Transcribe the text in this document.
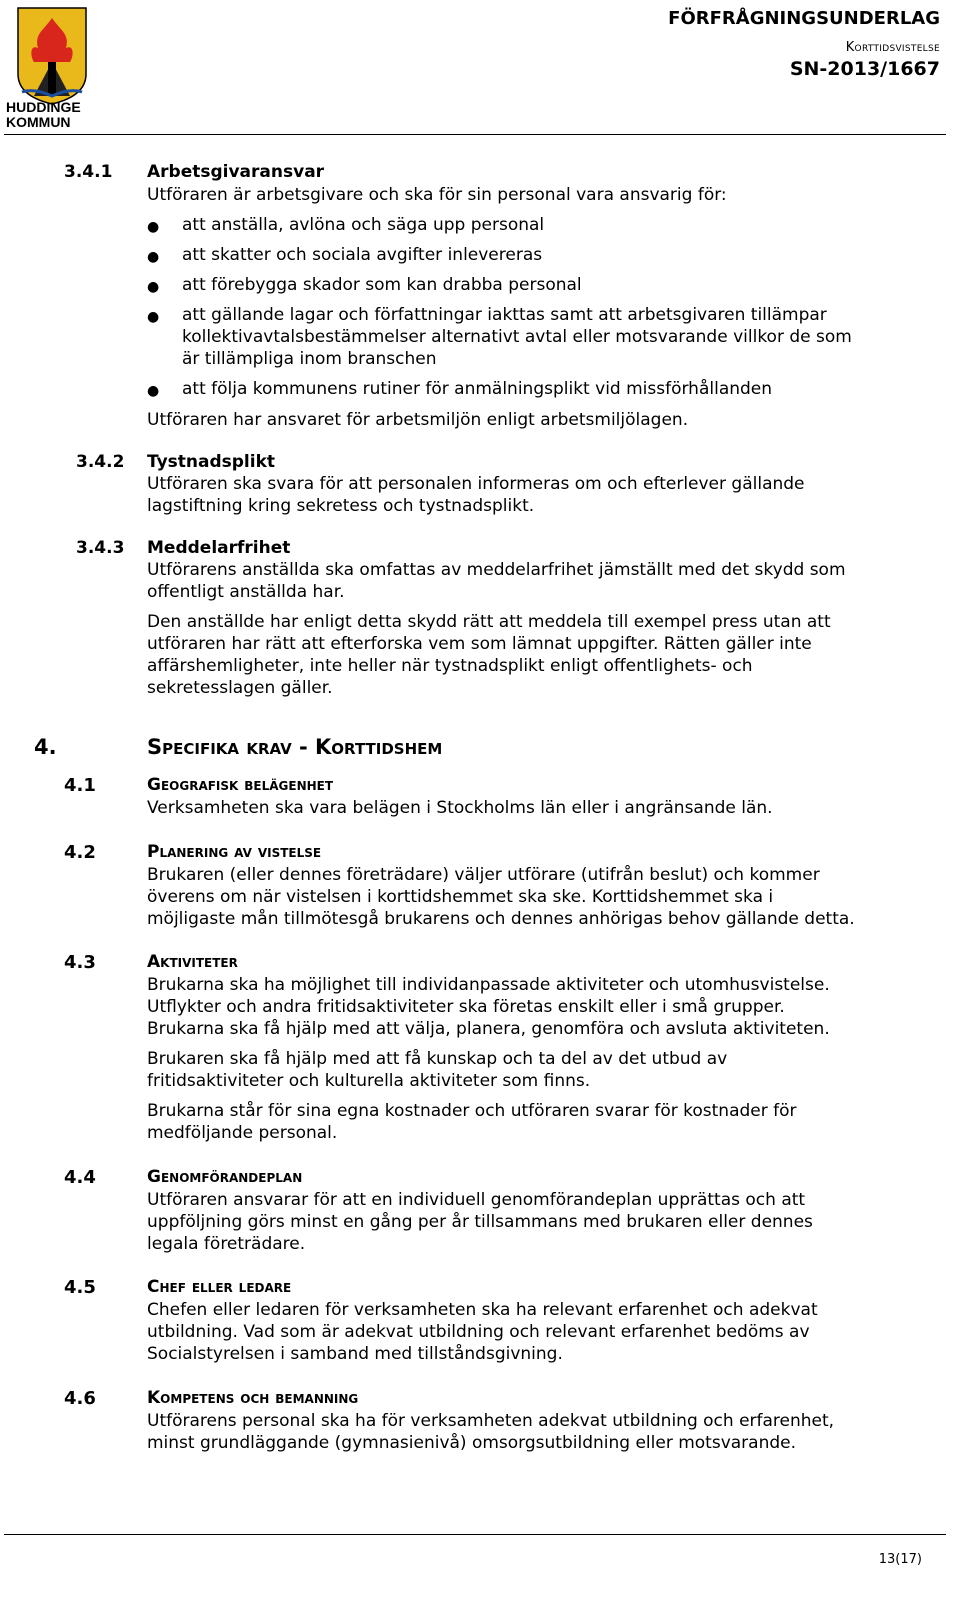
HUDDINGE
KOMMUN
FÖRFRÅGNINGSUNDERLAG
Korttidsvistelse
SN-2013/1667
3.4.1 Arbetsgivaransvar
Utföraren är arbetsgivare och ska för sin personal vara ansvarig för:
● att anställa, avlöna och säga upp personal
● att skatter och sociala avgifter inlevereras
● att förebygga skador som kan drabba personal
● att gällande lagar och författningar iakttas samt att arbetsgivaren tillämpar
kollektivavtalsbestämmelser alternativt avtal eller motsvarande villkor de som
är tillämpliga inom branschen
● att följa kommunens rutiner för anmälningsplikt vid missförhållanden
Utföraren har ansvaret för arbetsmiljön enligt arbetsmiljölagen.
3.4.2 Tystnadsplikt
Utföraren ska svara för att personalen informeras om och efterlever gällande
lagstiftning kring sekretess och tystnadsplikt.
3.4.3 Meddelarfrihet
Utförarens anställda ska omfattas av meddelarfrihet jämställt med det skydd som
offentligt anställda har.
Den anställde har enligt detta skydd rätt att meddela till exempel press utan att
utföraren har rätt att efterforska vem som lämnat uppgifter. Rätten gäller inte
affärshemligheter, inte heller när tystnadsplikt enligt offentlighets- och
sekretesslagen gäller.
4.	Specifika krav - Korttidshem
4.1	Geografisk belägenhet
Verksamheten ska vara belägen i Stockholms län eller i angränsande län.
4.2	Planering av vistelse
Brukaren (eller dennes företrädare) väljer utförare (utifrån beslut) och kommer
överens om när vistelsen i korttidshemmet ska ske. Korttidshemmet ska i
möjligaste mån tillmötesgå brukarens och dennes anhörigas behov gällande detta.
4.3	Aktiviteter
Brukarna ska ha möjlighet till individanpassade aktiviteter och utomhusvistelse.
Utflykter och andra fritidsaktiviteter ska företas enskilt eller i små grupper.
Brukarna ska få hjälp med att välja, planera, genomföra och avsluta aktiviteten.
Brukaren ska få hjälp med att få kunskap och ta del av det utbud av
fritidsaktiviteter och kulturella aktiviteter som finns.
Brukarna står för sina egna kostnader och utföraren svarar för kostnader för
medföljande personal.
4.4	Genomförandeplan
Utföraren ansvarar för att en individuell genomförandeplan upprättas och att
uppföljning görs minst en gång per år tillsammans med brukaren eller dennes
legala företrädare.
4.5	Chef eller ledare
Chefen eller ledaren för verksamheten ska ha relevant erfarenhet och adekvat
utbildning. Vad som är adekvat utbildning och relevant erfarenhet bedöms av
Socialstyrelsen i samband med tillståndsgivning.
4.6	Kompetens och bemanning
Utförarens personal ska ha för verksamheten adekvat utbildning och erfarenhet,
minst grundläggande (gymnasienivå) omsorgsutbildning eller motsvarande.
13(17)
